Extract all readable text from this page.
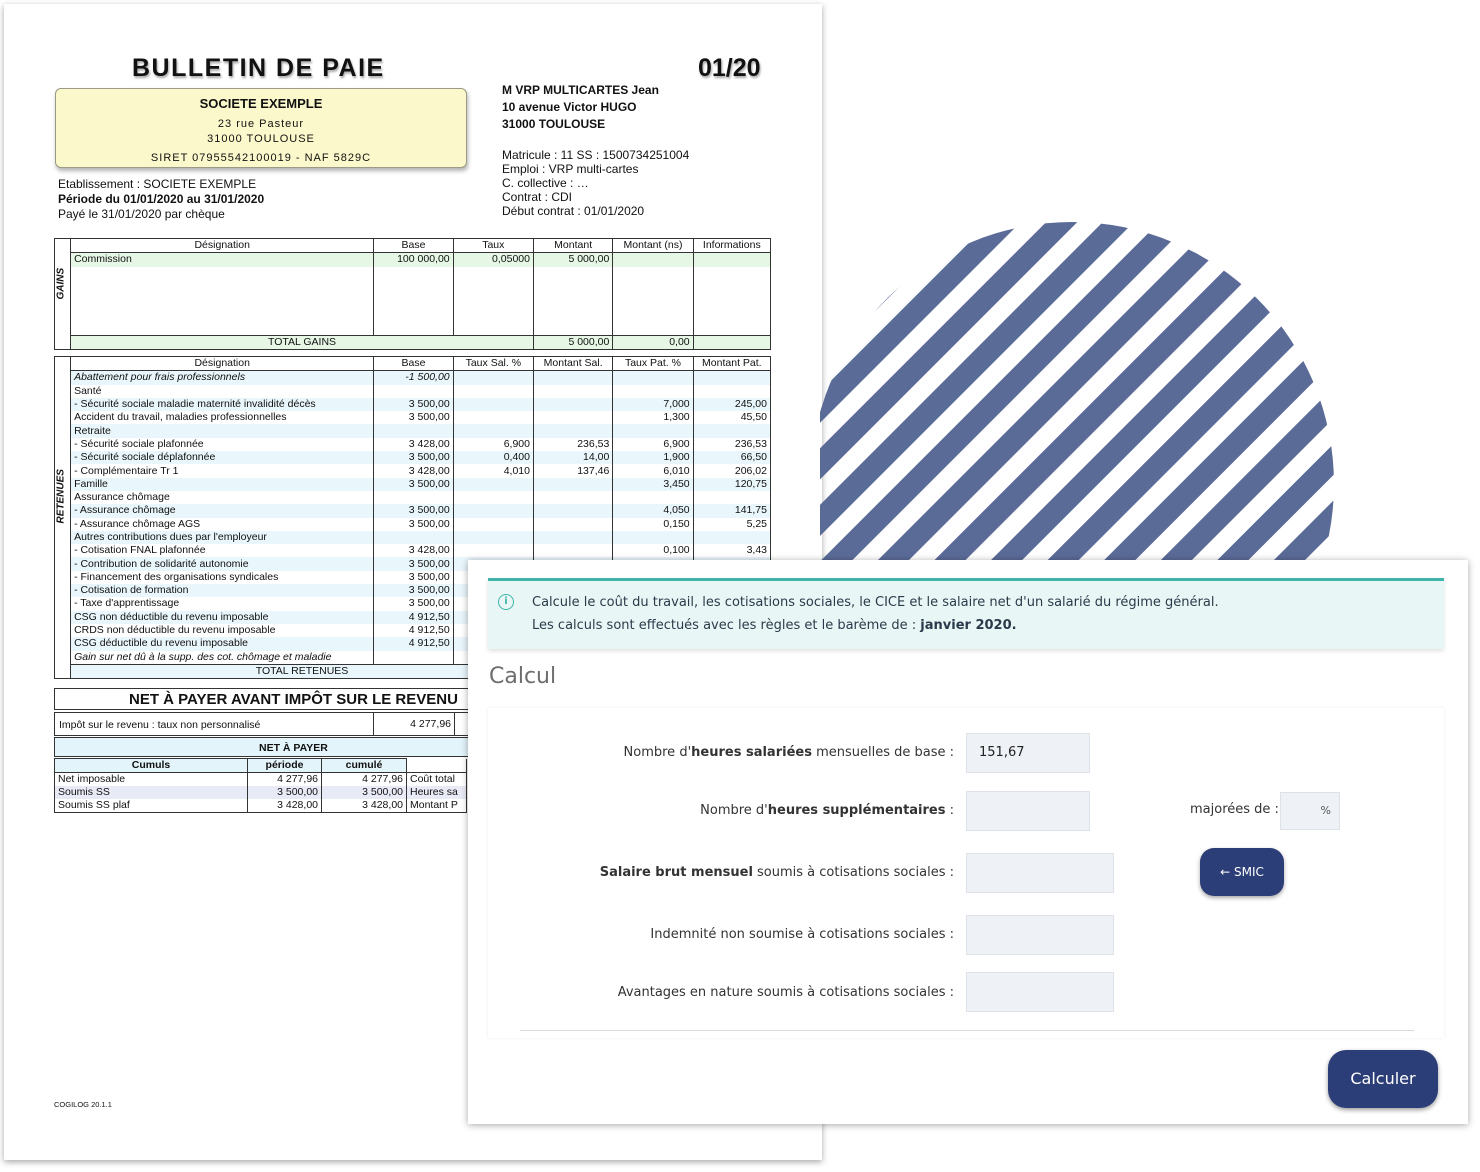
BULLETIN DE PAIE	01/20
SOCIETE EXEMPLE
23 rue Pasteur
31000 TOULOUSE
SIRET 07955542100019 - NAF 5829C
M VRP MULTICARTES Jean
10 avenue Victor HUGO
31000 TOULOUSE
Matricule : 11 SS : 1500734251004
Emploi : VRP multi-cartes
C. collective : …
Contrat : CDI
Début contrat : 01/01/2020
Etablissement : SOCIETE EXEMPLE
Période du 01/01/2020 au 31/01/2020
Payé le 31/01/2020 par chèque
GAINS	Désignation	Base	Taux	Montant	Montant (ns)	Informations
	Commission	100 000,00	0,05000	5 000,00		

	TOTAL GAINS			5 000,00	0,00	
RETENUES	Désignation	Base	Taux Sal. %	Montant Sal.	Taux Pat. %	Montant Pat.
	Abattement pour frais professionnels	-1 500,00				
	Santé					
	- Sécurité sociale maladie maternité invalidité décès	3 500,00			7,000	245,00
	Accident du travail, maladies professionnelles	3 500,00			1,300	45,50
	Retraite					
	- Sécurité sociale plafonnée	3 428,00	6,900	236,53	6,900	236,53
	- Sécurité sociale déplafonnée	3 500,00	0,400	14,00	1,900	66,50
	- Complémentaire Tr 1	3 428,00	4,010	137,46	6,010	206,02
	Famille	3 500,00			3,450	120,75
	Assurance chômage					
	- Assurance chômage	3 500,00			4,050	141,75
	- Assurance chômage AGS	3 500,00			0,150	5,25
	Autres contributions dues par l'employeur					
	- Cotisation FNAL plafonnée	3 428,00			0,100	3,43
	- Contribution de solidarité autonomie	3 500,00				
	- Financement des organisations syndicales	3 500,00				
	- Cotisation de formation	3 500,00				
	- Taxe d'apprentissage	3 500,00				
	CSG non déductible du revenu imposable	4 912,50				
	CRDS non déductible du revenu imposable	4 912,50				
	CSG déductible du revenu imposable	4 912,50				
	Gain sur net dû à la supp. des cot. chômage et maladie					
	TOTAL RETENUES					
NET À PAYER AVANT IMPÔT SUR LE REVENU
Impôt sur le revenu : taux non personnalisé	4 277,96
NET À PAYER
Cumuls	période	cumulé	
Net imposable	4 277,96	4 277,96	Coût total
Soumis SS	3 500,00	3 500,00	Heures sa
Soumis SS plaf	3 428,00	3 428,00	Montant P
COGILOG 20.1.1
i	Calcule le coût du travail, les cotisations sociales, le CICE et le salaire net d'un salarié du régime général.
Les calculs sont effectués avec les règles et le barème de : janvier 2020.
Calcul
Nombre d'heures salariées mensuelles de base :	151,67
Nombre d'heures supplémentaires :	majorées de :	%
Salaire brut mensuel soumis à cotisations sociales :	← SMIC
Indemnité non soumise à cotisations sociales :
Avantages en nature soumis à cotisations sociales :
Calculer
